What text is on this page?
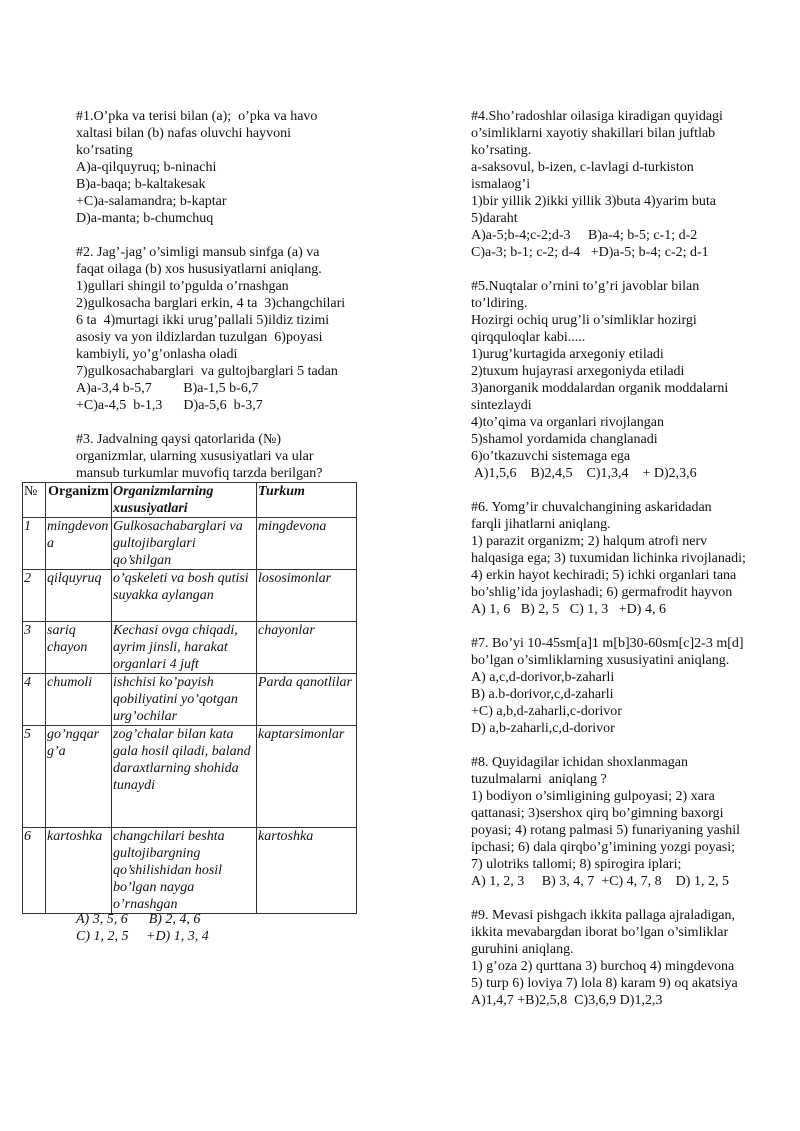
#1.O’pka va terisi bilan (a);  o’pka va havo
xaltasi bilan (b) nafas oluvchi hayvoni
ko’rsating
A)a-qilquyruq; b-ninachi
B)a-baqa; b-kaltakesak
+C)a-salamandra; b-kaptar
D)a-manta; b-chumchuq
#2. Jag’-jag’ o’simligi mansub sinfga (a) va
faqat oilaga (b) xos hususiyatlarni aniqlang.
1)gullari shingil to’pgulda o’rnashgan
2)gulkosacha barglari erkin, 4 ta  3)changchilari
6 ta  4)murtagi ikki urug’pallali 5)ildiz tizimi
asosiy va yon ildizlardan tuzulgan  6)poyasi
kambiyli, yo’g’onlasha oladi
7)gulkosachabarglari  va gultojbarglari 5 tadan
A)a-3,4 b-5,7         B)a-1,5 b-6,7
+C)a-4,5  b-1,3      D)a-5,6  b-3,7
#3. Jadvalning qaysi qatorlarida (№)
organizmlar, ularning xususiyatlari va ular
mansub turkumlar muvofiq tarzda berilgan?
№	Organizm	Organizmlarning xususiyatlari	Turkum
1	mingdevona	Gulkosachabarglari va gultojibarglari qo’shilgan	mingdevona
2	qilquyruq	o’qskeleti va bosh qutisi suyakka aylangan	lososimonlar
3	sariq chayon	Kechasi ovga chiqadi, ayrim jinsli, harakat organlari 4 juft	chayonlar
4	chumoli	ishchisi ko’payish qobiliyatini yo’qotgan urg’ochilar	Parda qanotlilar
5	go’ngqarg’a	zog’chalar bilan kata gala hosil qiladi, baland daraxtlarning shohida tunaydi	kaptarsimonlar
6	kartoshka	changchilari beshta gultojibargning qo’shilishidan hosil bo’lgan nayga o’rnashgan	kartoshka
A) 3, 5, 6      B) 2, 4, 6
C) 1, 2, 5     +D) 1, 3, 4
#4.Sho’radoshlar oilasiga kiradigan quyidagi
o’simliklarni xayotiy shakillari bilan juftlab
ko’rsating.
a-saksovul, b-izen, c-lavlagi d-turkiston
ismalaog’i
1)bir yillik 2)ikki yillik 3)buta 4)yarim buta
5)daraht
A)a-5;b-4;c-2;d-3     B)a-4; b-5; c-1; d-2
C)a-3; b-1; c-2; d-4   +D)a-5; b-4; c-2; d-1
#5.Nuqtalar o’rnini to’g’ri javoblar bilan
to’ldiring.
Hozirgi ochiq urug’li o’simliklar hozirgi
qirqquloqlar kabi.....
1)urug’kurtagida arxegoniy etiladi
2)tuxum hujayrasi arxegoniyda etiladi
3)anorganik moddalardan organik moddalarni
sintezlaydi
4)to’qima va organlari rivojlangan
5)shamol yordamida changlanadi
6)o’tkazuvchi sistemaga ega
A)1,5,6    B)2,4,5    C)1,3,4    + D)2,3,6
#6. Yomg’ir chuvalchangining askaridadan
farqli jihatlarni aniqlang.
1) parazit organizm; 2) halqum atrofi nerv
halqasiga ega; 3) tuxumidan lichinka rivojlanadi;
4) erkin hayot kechiradi; 5) ichki organlari tana
bo’shlig’ida joylashadi; 6) germafrodit hayvon
A) 1, 6   B) 2, 5   C) 1, 3   +D) 4, 6
#7. Bo’yi 10-45sm[a]1 m[b]30-60sm[c]2-3 m[d]
bo’lgan o’simliklarning xususiyatini aniqlang.
A) a,c,d-dorivor,b-zaharli
B) a.b-dorivor,c,d-zaharli
+C) a,b,d-zaharli,c-dorivor
D) a,b-zaharli,c,d-dorivor
#8. Quyidagilar ichidan shoxlanmagan
tuzulmalarni  aniqlang ?
1) bodiyon o’simligining gulpoyasi; 2) xara
qattanasi; 3)sershox qirq bo’gimning baxorgi
poyasi; 4) rotang palmasi 5) funariyaning yashil
ipchasi; 6) dala qirqbo’g’imining yozgi poyasi;
7) ulotriks tallomi; 8) spirogira iplari;
A) 1, 2, 3     B) 3, 4, 7  +C) 4, 7, 8    D) 1, 2, 5
#9. Mevasi pishgach ikkita pallaga ajraladigan,
ikkita mevabargdan iborat bo’lgan o’simliklar
guruhini aniqlang.
1) g’oza 2) qurttana 3) burchoq 4) mingdevona
5) turp 6) loviya 7) lola 8) karam 9) oq akatsiya
A)1,4,7 +B)2,5,8  C)3,6,9 D)1,2,3
